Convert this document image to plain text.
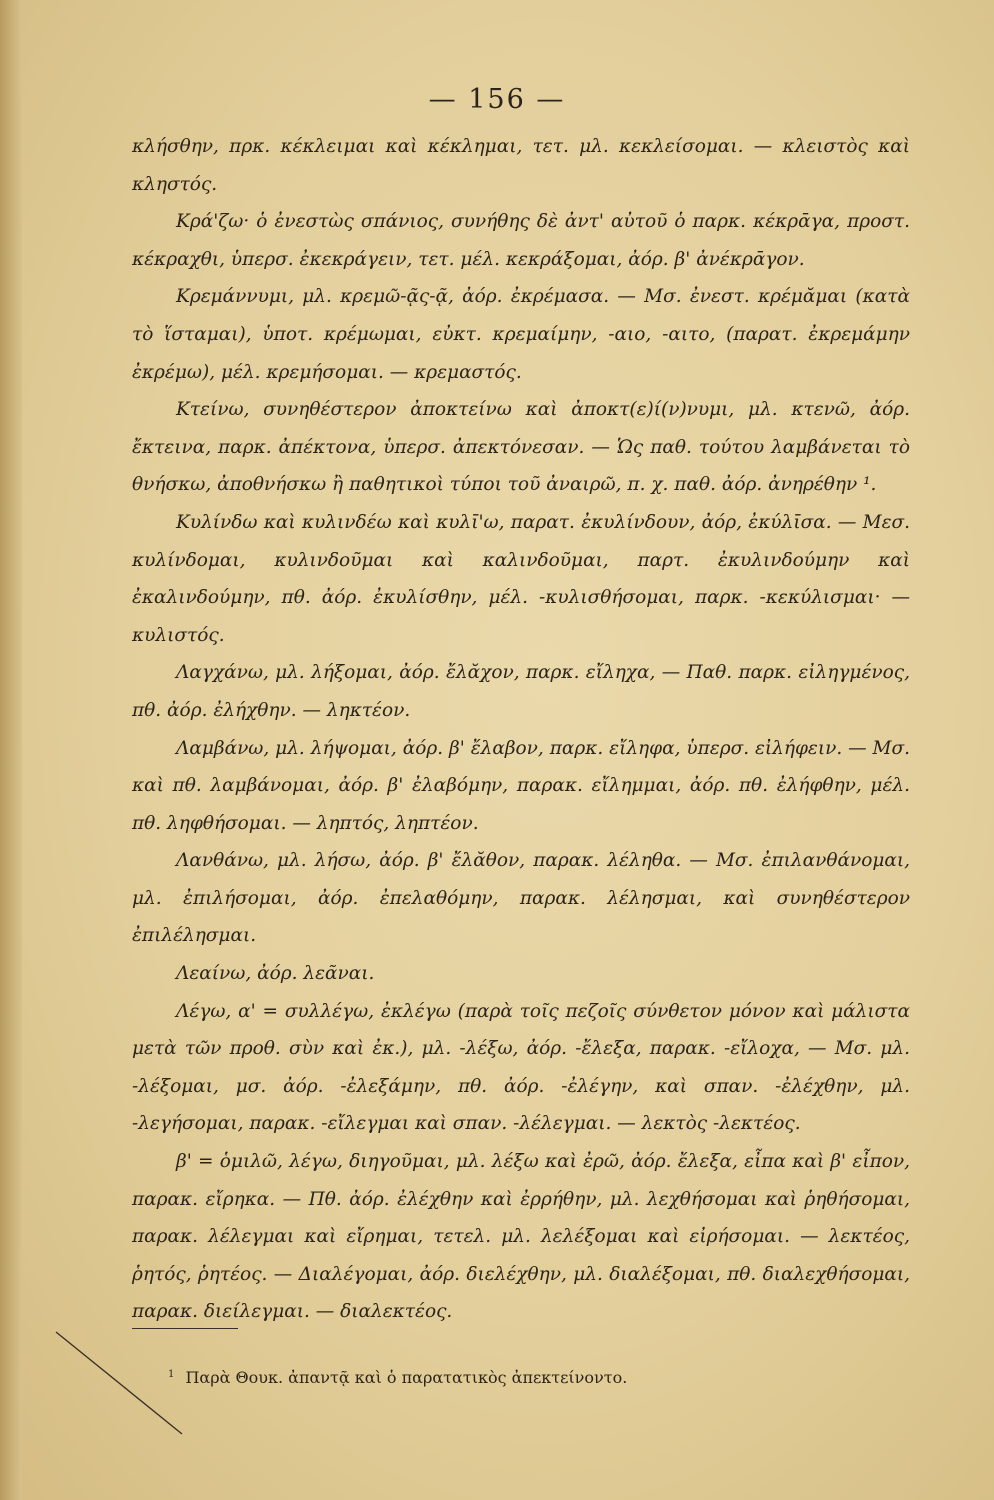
— 156 —

κλήσθην, πρκ. κέκλειμαι καὶ κέκλημαι, τετ. μλ. κεκλείσομαι. — κλειστὸς καὶ κληστός.

Κρά'ζω· ὁ ἐνεστὼς σπάνιος, συνήθης δὲ ἀντ' αὐτοῦ ὁ παρκ. κέκρᾱγα, προστ. κέκραχθι, ὑπερσ. ἐκεκράγειν, τετ. μέλ. κεκράξομαι, ἀόρ. β' ἀνέκρᾱγον.

Κρεμάννυμι, μλ. κρεμῶ-ᾷς-ᾷ, ἀόρ. ἐκρέμασα. — Μσ. ἐνεστ. κρέμᾰμαι (κατὰ τὸ ἵσταμαι), ὑποτ. κρέμωμαι, εὐκτ. κρεμαίμην, -αιο, -αιτο, (παρατ. ἐκρεμάμην ἐκρέμω), μέλ. κρεμήσομαι. — κρεμαστός.

Κτείνω, συνηθέστερον ἀποκτείνω καὶ ἀποκτ(ε)ί(ν)νυμι, μλ. κτενῶ, ἀόρ. ἔκτεινα, παρκ. ἀπέκτονα, ὑπερσ. ἀπεκτόνεσαν. — Ὡς παθ. τούτου λαμβάνεται τὸ θνήσκω, ἀποθνήσκω ἢ παθητικοὶ τύποι τοῦ ἀναιρῶ, π. χ. παθ. ἀόρ. ἀνηρέθην ¹.

Κυλίνδω καὶ κυλινδέω καὶ κυλῑ'ω, παρατ. ἐκυλίνδουν, ἀόρ, ἐκύλῑσα. — Μεσ. κυλίνδομαι, κυλινδοῦμαι καὶ καλινδοῦμαι, παρτ. ἐκυλινδούμην καὶ ἐκαλινδούμην, πθ. ἀόρ. ἐκυλίσθην, μέλ. -κυλισθήσομαι, παρκ. -κεκύλισμαι· — κυλιστός.

Λαγχάνω, μλ. λήξομαι, ἀόρ. ἔλᾰχον, παρκ. εἴληχα, — Παθ. παρκ. εἰληγμένος, πθ. ἀόρ. ἐλήχθην. — ληκτέον.

Λαμβάνω, μλ. λήψομαι, ἀόρ. β' ἔλαβον, παρκ. εἴληφα, ὑπερσ. εἰλήφειν. — Μσ. καὶ πθ. λαμβάνομαι, ἀόρ. β' ἐλαβόμην, παρακ. εἴλημμαι, ἀόρ. πθ. ἐλήφθην, μέλ. πθ. ληφθήσομαι. — ληπτός, ληπτέον.

Λανθάνω, μλ. λήσω, ἀόρ. β' ἔλᾰθον, παρακ. λέληθα. — Μσ. ἐπιλανθάνομαι, μλ. ἐπιλήσομαι, ἀόρ. ἐπελαθόμην, παρακ. λέλησμαι, καὶ συνηθέστερον ἐπιλέλησμαι.

Λεαίνω, ἀόρ. λεᾶναι.

Λέγω, α' = συλλέγω, ἐκλέγω (παρὰ τοῖς πεζοῖς σύνθετον μόνον καὶ μάλιστα μετὰ τῶν προθ. σὺν καὶ ἐκ.), μλ. -λέξω, ἀόρ. -ἔλεξα, παρακ. -εἴλοχα, — Μσ. μλ. -λέξομαι, μσ. ἀόρ. -ἐλεξάμην, πθ. ἀόρ. -ἐλέγην, καὶ σπαν. -ἐλέχθην, μλ. -λεγήσομαι, παρακ. -εἴλεγμαι καὶ σπαν. -λέλεγμαι. — λεκτὸς -λεκτέος.

β' = ὁμιλῶ, λέγω, διηγοῦμαι, μλ. λέξω καὶ ἐρῶ, ἀόρ. ἔλεξα, εἶπα καὶ β' εἶπον, παρακ. εἴρηκα. — Πθ. ἀόρ. ἐλέχθην καὶ ἐρρήθην, μλ. λεχθήσομαι καὶ ῥηθήσομαι, παρακ. λέλεγμαι καὶ εἴρημαι, τετελ. μλ. λελέξομαι καὶ εἰρήσομαι. — λεκτέος, ῥητός, ῥητέος. — Διαλέγομαι, ἀόρ. διελέχθην, μλ. διαλέξομαι, πθ. διαλεχθήσομαι, παρακ. διείλεγμαι. — διαλεκτέος.

$^1$ Παρὰ Θουκ. ἀπαντᾷ καὶ ὁ παρατατικὸς ἀπεκτείνοντο.
